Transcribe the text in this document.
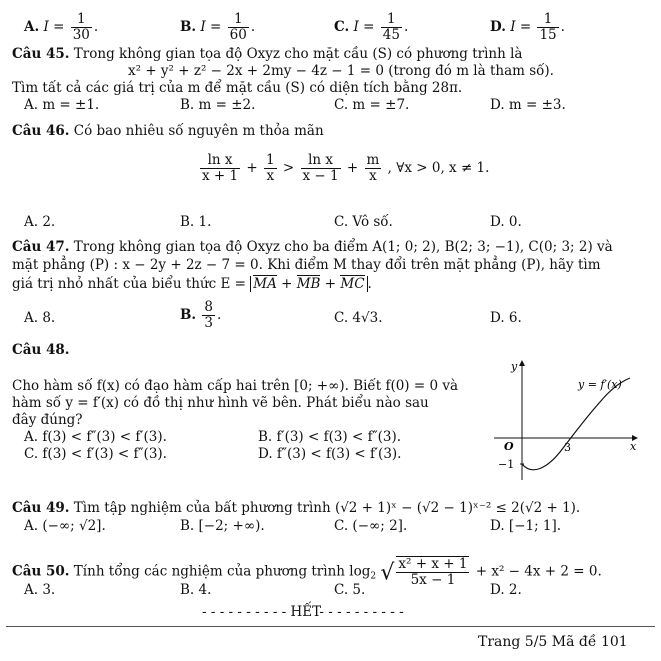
A. $I = \frac{1}{30}$ .	B. $I = \frac{1}{60}$ .	C. $I = \frac{1}{45}$ .	D. $I = \frac{1}{15}$ .
Câu 45. Trong không gian tọa độ Oxyz cho mặt cầu (S) có phương trình là
x² + y² + z² − 2x + 2my − 4z − 1 = 0 (trong đó m là tham số).
Tìm tất cả các giá trị của m để mặt cầu (S) có diện tích bằng 28π.
A. m = ±1.	B. m = ±2.	C. m = ±7.	D. m = ±3.
Câu 46. Có bao nhiêu số nguyên m thỏa mãn
$\frac{\text{ln x}}{x + 1} + \frac{1}{x} > \frac{\text{ln x}}{x - 1} + \frac{m}{x}$ , ∀x > 0, x ≠ 1.
A. 2.	B. 1.	C. Vô số.	D. 0.
Câu 47. Trong không gian tọa độ Oxyz cho ba điểm A(1; 0; 2), B(2; 3; −1), C(0; 3; 2) và
mặt phẳng (P) : x − 2y + 2z − 7 = 0. Khi điểm M thay đổi trên mặt phẳng (P), hãy tìm
giá trị nhỏ nhất của biểu thức E = MA + MB + MC .
A. 8.	B. $\frac{8}{3}$ .	C. 4√3.	D. 6.
Câu 48.
Cho hàm số f(x) có đạo hàm cấp hai trên [0; +∞). Biết f(0) = 0 và
hàm số y = f′(x) có đồ thị như hình vẽ bên. Phát biểu nào sau
đây đúng?
A. f(3) < f″(3) < f′(3).	B. f′(3) < f(3) < f″(3).
C. f(3) < f′(3) < f″(3).	D. f″(3) < f(3) < f′(3).
y
x
O	3
−1
y = f′(x)
Câu 49. Tìm tập nghiệm của bất phương trình (√2 + 1)ˣ − (√2 − 1)ˣ⁻² ≤ 2(√2 + 1).
A. (−∞; √2].	B. [−2; +∞).	C. (−∞; 2].	D. [−1; 1].
Câu 50. Tính tổng các nghiệm của phương trình $\log_2$ √ $\frac{\text{x² + x + 1}}{5x - 1} + x^2 - 4x + 2 = 0$.
A. 3.	B. 4.	C. 5.	D. 2.
- - - - - - - - - - HẾT- - - - - - - - - -
Trang 5/5 Mã đề 101
